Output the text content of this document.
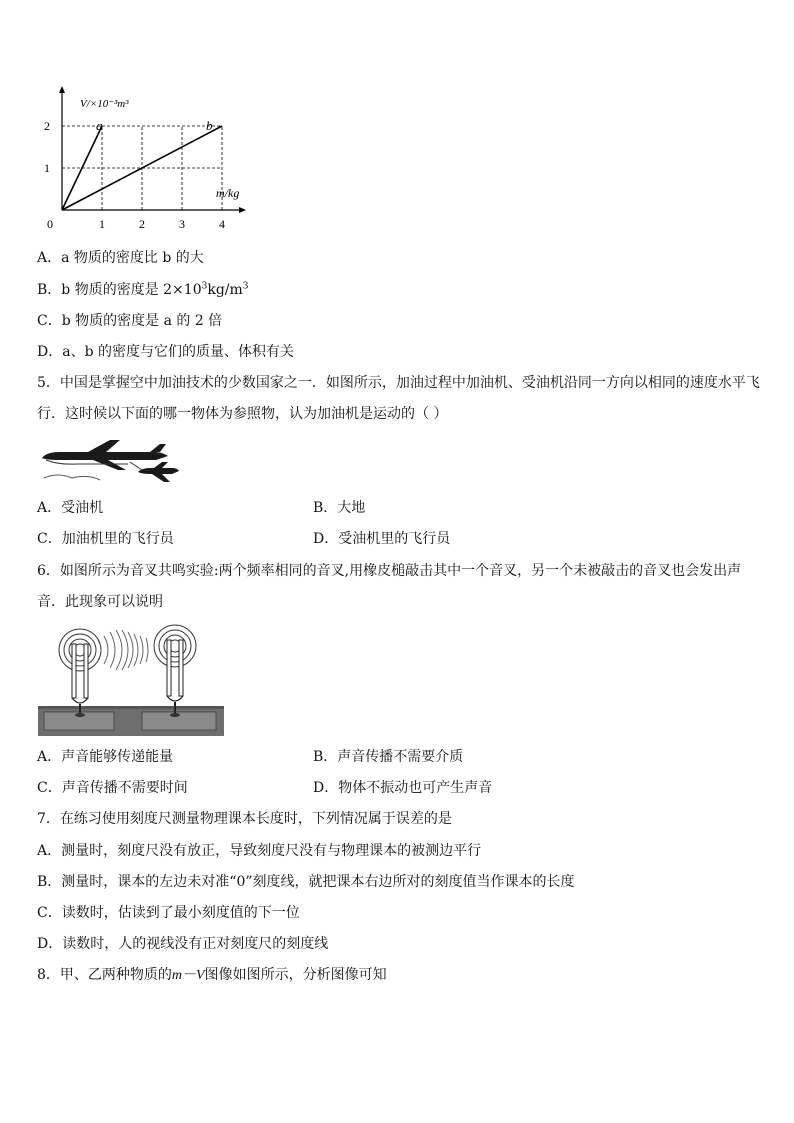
V/×10⁻³m³
m/kg
0
a	b
1	2	3	4
1
2
A．a 物质的密度比 b 的大
B．b 物质的密度是 $2\times 10^3kg/m^3$
C．b 物质的密度是 a 的 2 倍
D．a、b 的密度与它们的质量、体积有关
5．中国是掌握空中加油技术的少数国家之一．如图所示，加油过程中加油机、受油机沿同一方向以相同的速度水平飞
行．这时候以下面的哪一物体为参照物，认为加油机是运动的（ ）
A．受油机	B．大地
C．加油机里的飞行员	D．受油机里的飞行员
6．如图所示为音叉共鸣实验:两个频率相同的音叉,用橡皮槌敲击其中一个音叉，另一个未被敲击的音叉也会发出声
音．此现象可以说明
A．声音能够传递能量	B．声音传播不需要介质
C．声音传播不需要时间	D．物体不振动也可产生声音
7．在练习使用刻度尺测量物理课本长度时，下列情况属于误差的是
A．测量时，刻度尺没有放正，导致刻度尺没有与物理课本的被测边平行
B．测量时，课本的左边未对准“0”刻度线，就把课本右边所对的刻度值当作课本的长度
C．读数时，估读到了最小刻度值的下一位
D．读数时，人的视线没有正对刻度尺的刻度线
8．甲、乙两种物质的m－V图像如图所示，分析图像可知
